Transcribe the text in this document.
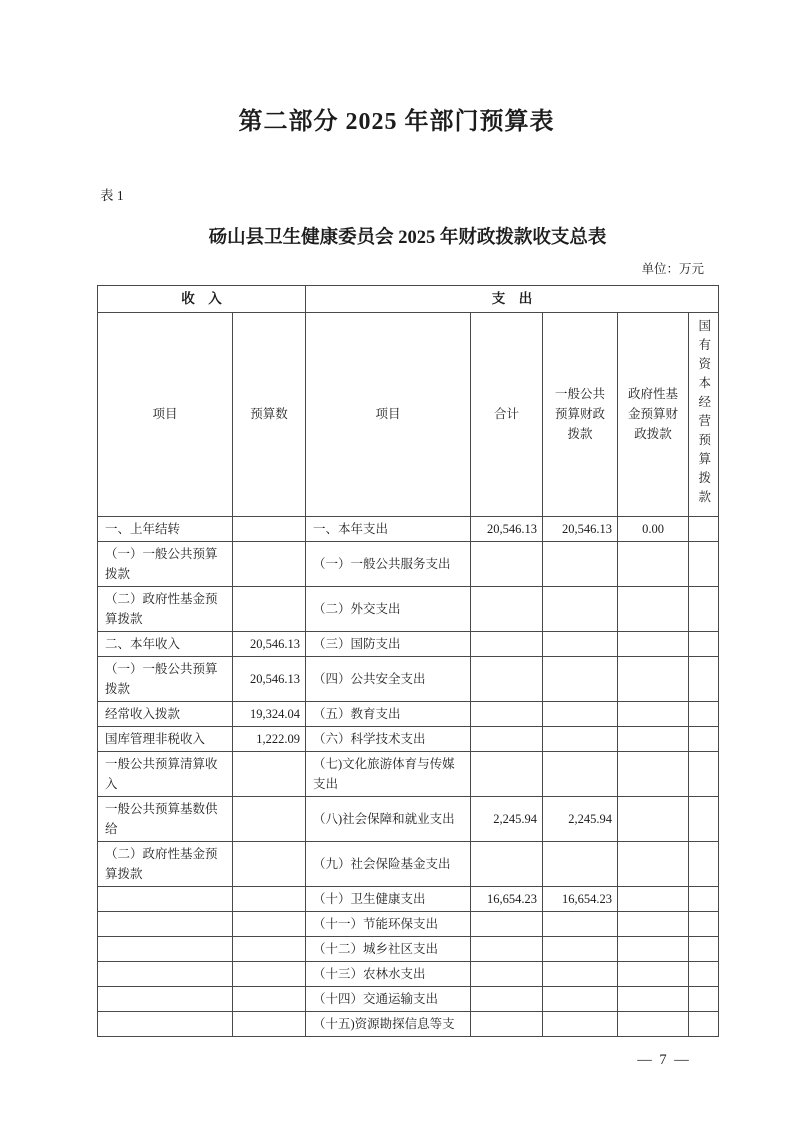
第二部分 2025 年部门预算表
表 1
砀山县卫生健康委员会 2025 年财政拨款收支总表
单位：万元
收　入		支　出				
项目	预算数	项目	合计	一般公共预算财政拨款	政府性基金预算财政拨款	国有资本经营预算拨款

一、上年结转		一、本年支出	20,546.13	20,546.13	0.00	
（一）一般公共预算拨款		（一）一般公共服务支出				
（二）政府性基金预算拨款		（二）外交支出				
二、本年收入	20,546.13	（三）国防支出				
（一）一般公共预算拨款	20,546.13	（四）公共安全支出				
经常收入拨款	19,324.04	（五）教育支出				
国库管理非税收入	1,222.09	（六）科学技术支出				
一般公共预算清算收入		（七)文化旅游体育与传媒支出				
一般公共预算基数供给		（八)社会保障和就业支出	2,245.94	2,245.94		
（二）政府性基金预算拨款		（九）社会保险基金支出				
		（十）卫生健康支出	16,654.23	16,654.23		
		（十一）节能环保支出				
		（十二）城乡社区支出				
		（十三）农林水支出				
		（十四）交通运输支出				
		（十五)资源勘探信息等支				
— 7 —
